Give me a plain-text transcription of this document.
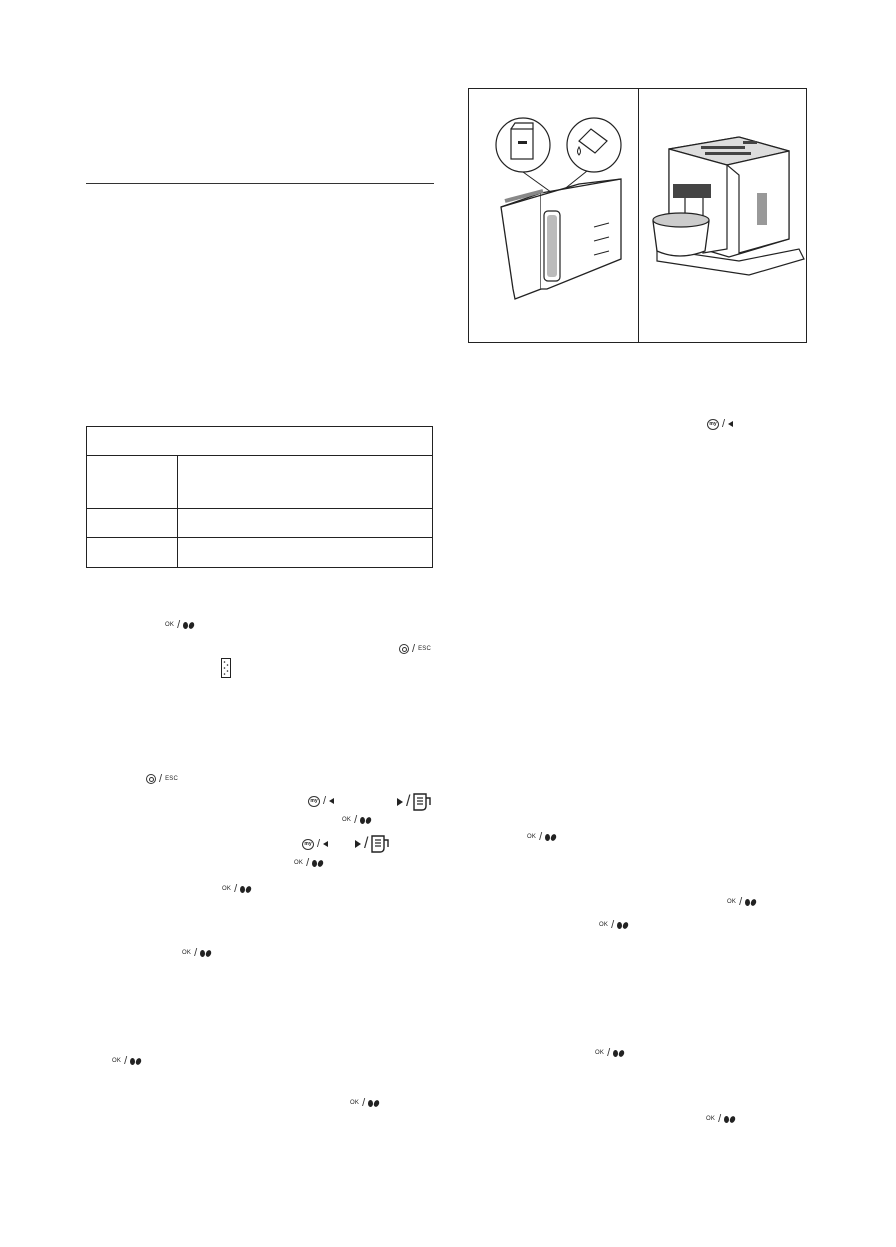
OK /
OK /
OK /
OK /
OK /
OK /
OK /
OK /
OK /
OK /
OK /
OK /
/ ESC
/ ESC
my /
my /
my /
/
/
